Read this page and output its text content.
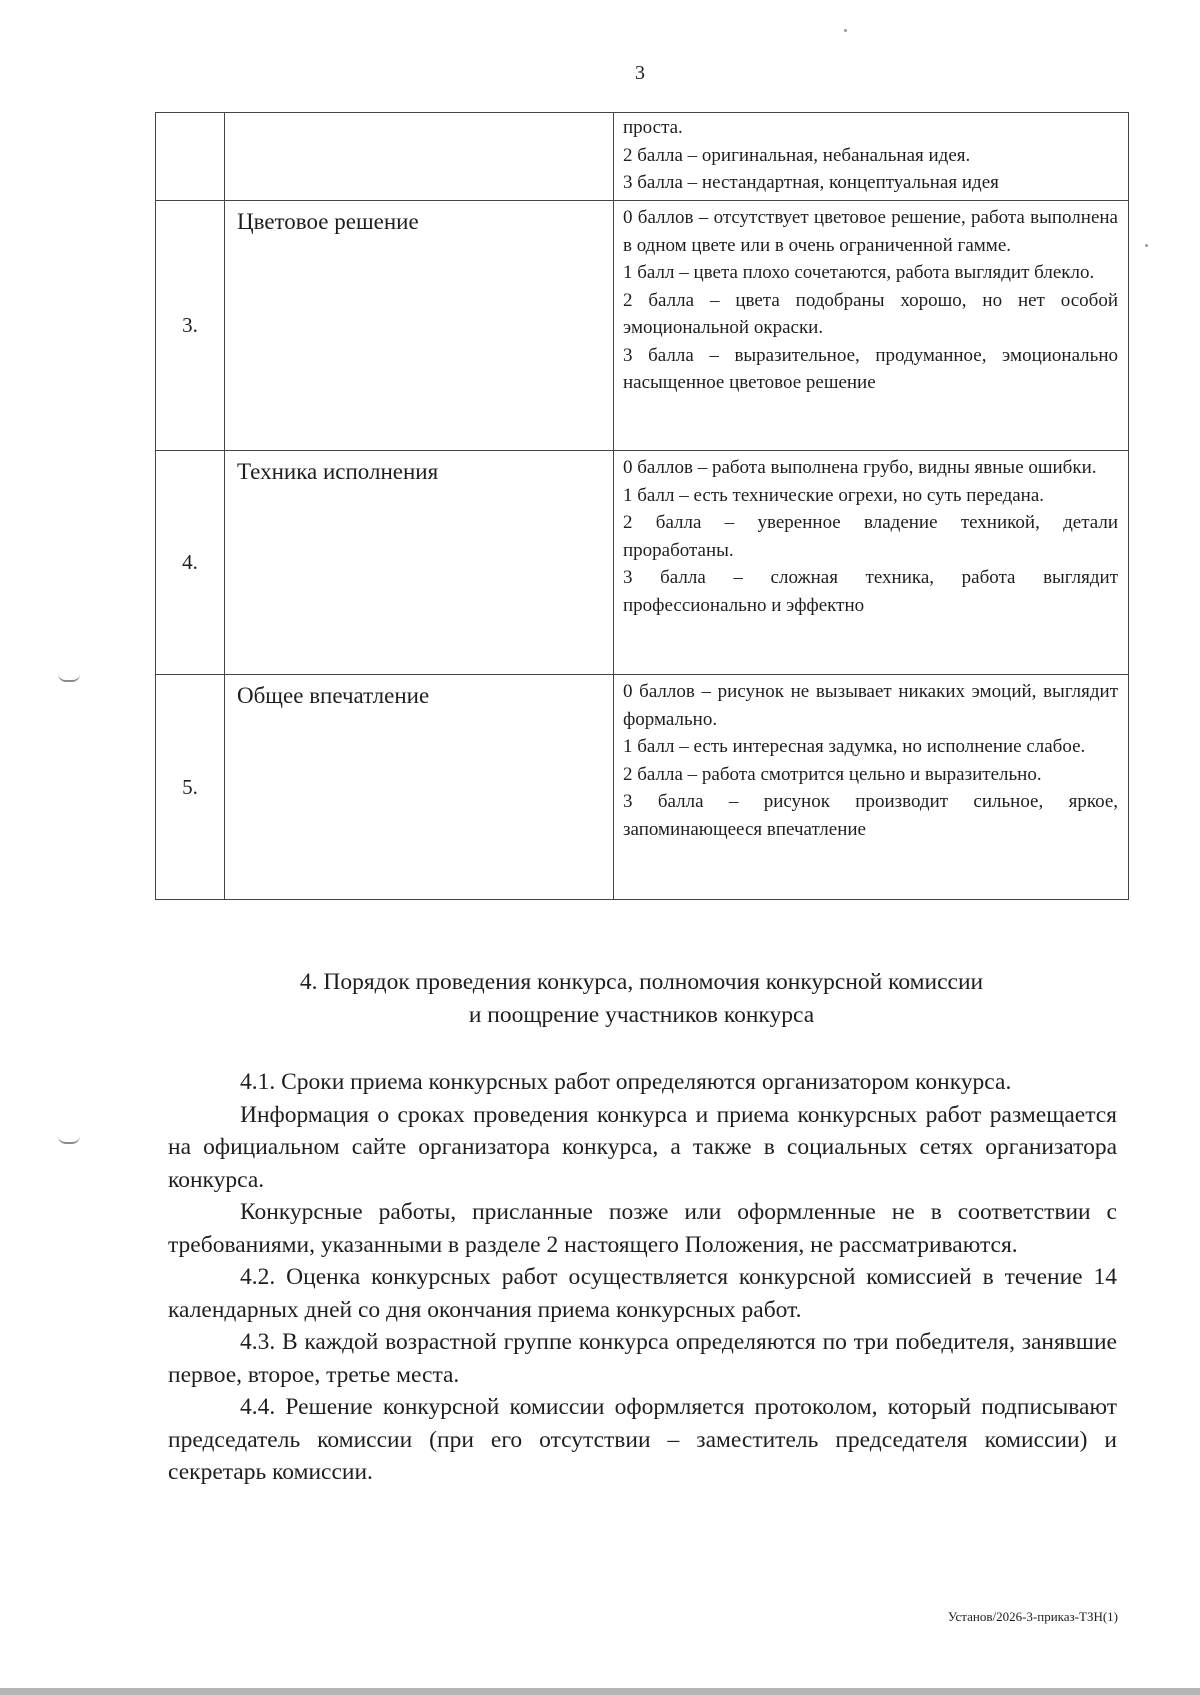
3

		проста.
2 балла – оригинальная, небанальная идея.
3 балла – нестандартная, концептуальная идея

3.	Цветовое решение	0 баллов – отсутствует цветовое решение, работа выполнена в одном цвете или в очень ограниченной гамме.
1 балл – цвета плохо сочетаются, работа выглядит блекло.
2 балла – цвета подобраны хорошо, но нет особой эмоциональной окраски.
3 балла – выразительное, продуманное, эмоционально насыщенное цветовое решение

4.	Техника исполнения	0 баллов – работа выполнена грубо, видны явные ошибки.
1 балл – есть технические огрехи, но суть передана.
2 балла – уверенное владение техникой, детали проработаны.
3 балла – сложная техника, работа выглядит профессионально и эффектно

5.	Общее впечатление	0 баллов – рисунок не вызывает никаких эмоций, выглядит формально.
1 балл – есть интересная задумка, но исполнение слабое.
2 балла – работа смотрится цельно и выразительно.
3 балла – рисунок производит сильное, яркое, запоминающееся впечатление
4. Порядок проведения конкурса, полномочия конкурсной комиссии
и поощрение участников конкурса

4.1. Сроки приема конкурсных работ определяются организатором конкурса.

Информация о сроках проведения конкурса и приема конкурсных работ размещается на официальном сайте организатора конкурса, а также в социальных сетях организатора конкурса.

Конкурсные работы, присланные позже или оформленные не в соответствии с требованиями, указанными в разделе 2 настоящего Положения, не рассматриваются.

4.2. Оценка конкурсных работ осуществляется конкурсной комиссией в течение 14 календарных дней со дня окончания приема конкурсных работ.

4.3. В каждой возрастной группе конкурса определяются по три победителя, занявшие первое, второе, третье места.

4.4. Решение конкурсной комиссии оформляется протоколом, который подписывают председатель комиссии (при его отсутствии – заместитель председателя комиссии) и секретарь комиссии.

Установ/2026-3-приказ-ТЗН(1)
